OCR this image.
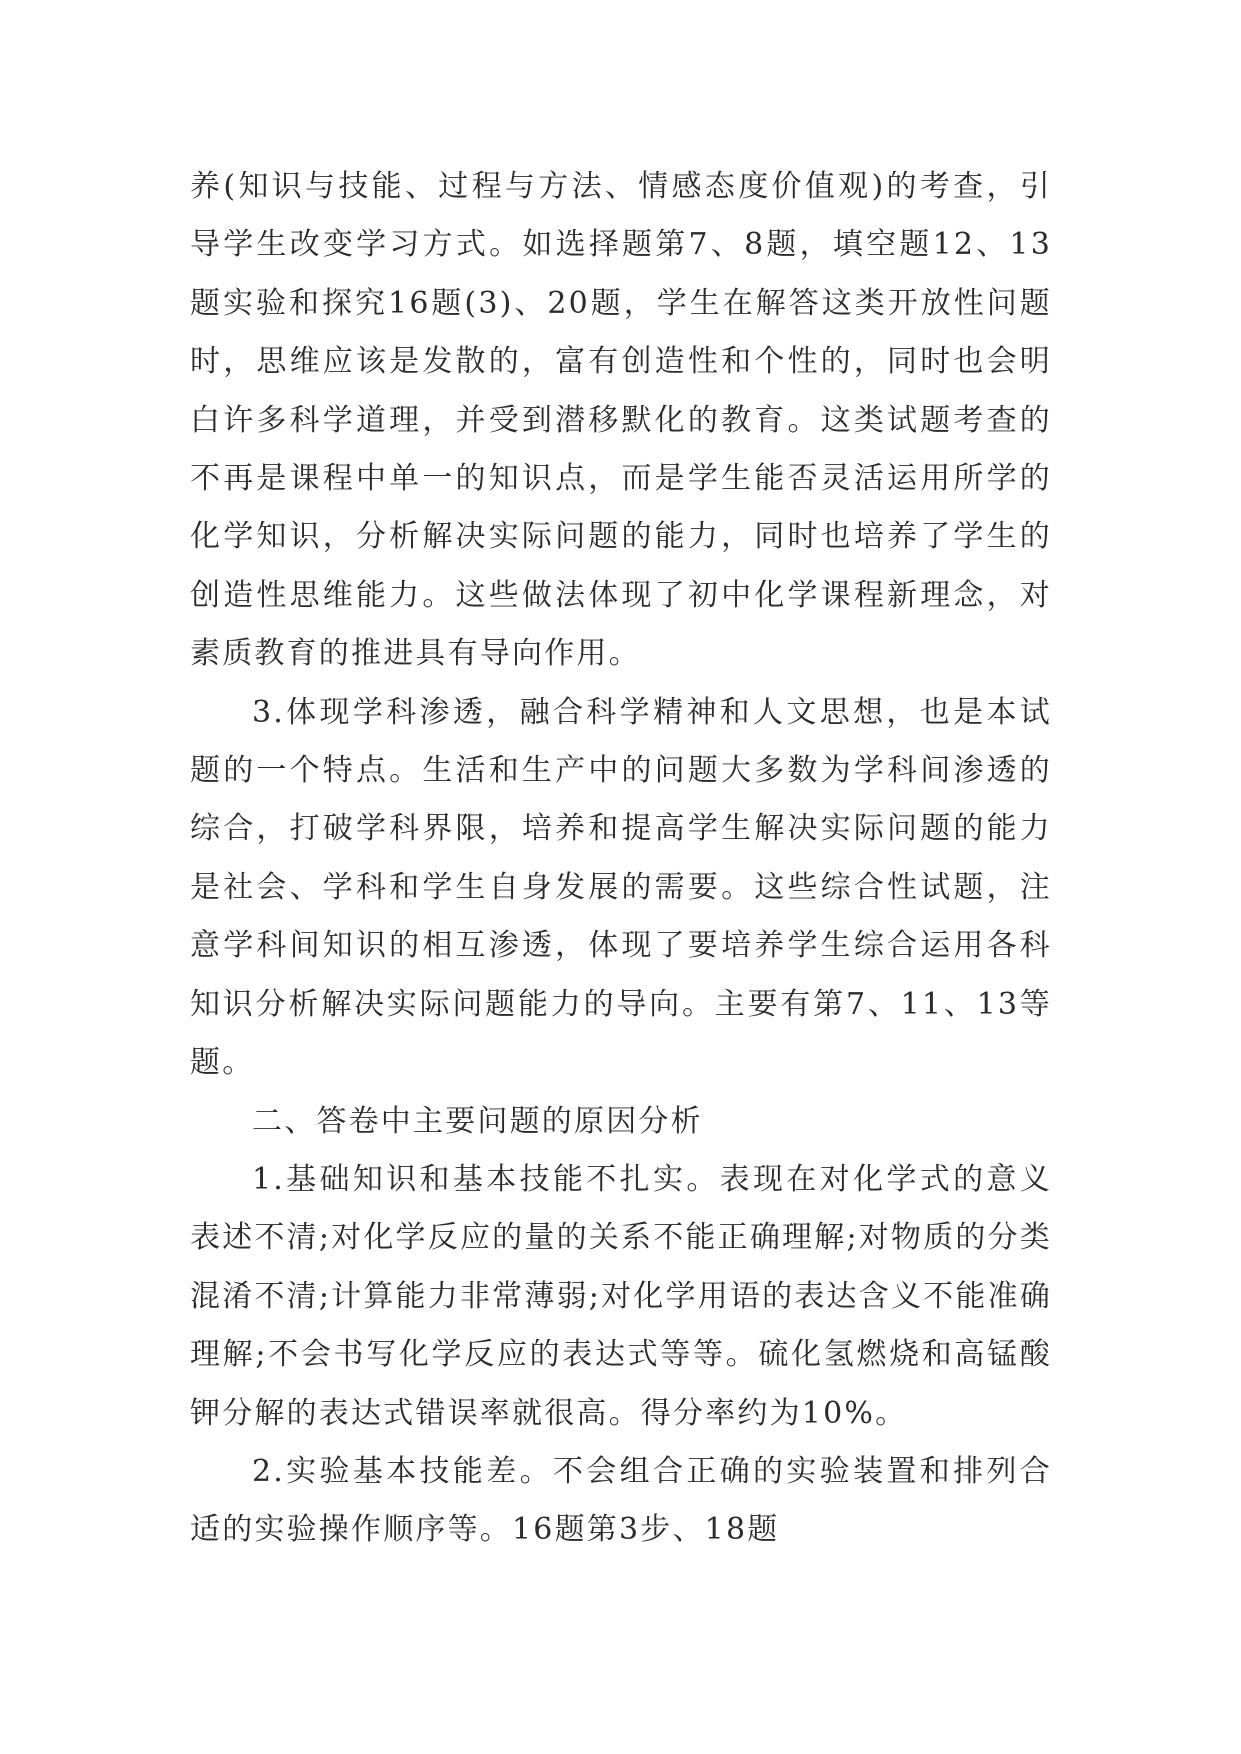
养(知识与技能、过程与方法、情感态度价值观)的考查，引导学生改变学习方式。如选择题第7、8题，填空题12、13题实验和探究16题(3)、20题，学生在解答这类开放性问题时，思维应该是发散的，富有创造性和个性的，同时也会明白许多科学道理，并受到潜移默化的教育。这类试题考查的不再是课程中单一的知识点，而是学生能否灵活运用所学的化学知识，分析解决实际问题的能力，同时也培养了学生的创造性思维能力。这些做法体现了初中化学课程新理念，对素质教育的推进具有导向作用。

3.体现学科渗透，融合科学精神和人文思想，也是本试题的一个特点。生活和生产中的问题大多数为学科间渗透的综合，打破学科界限，培养和提高学生解决实际问题的能力是社会、学科和学生自身发展的需要。这些综合性试题，注意学科间知识的相互渗透，体现了要培养学生综合运用各科知识分析解决实际问题能力的导向。主要有第7、11、13等题。

二、答卷中主要问题的原因分析

1.基础知识和基本技能不扎实。表现在对化学式的意义表述不清;对化学反应的量的关系不能正确理解;对物质的分类混淆不清;计算能力非常薄弱;对化学用语的表达含义不能准确理解;不会书写化学反应的表达式等等。硫化氢燃烧和高锰酸钾分解的表达式错误率就很高。得分率约为10%。

2.实验基本技能差。不会组合正确的实验装置和排列合适的实验操作顺序等。16题第3步、18题
